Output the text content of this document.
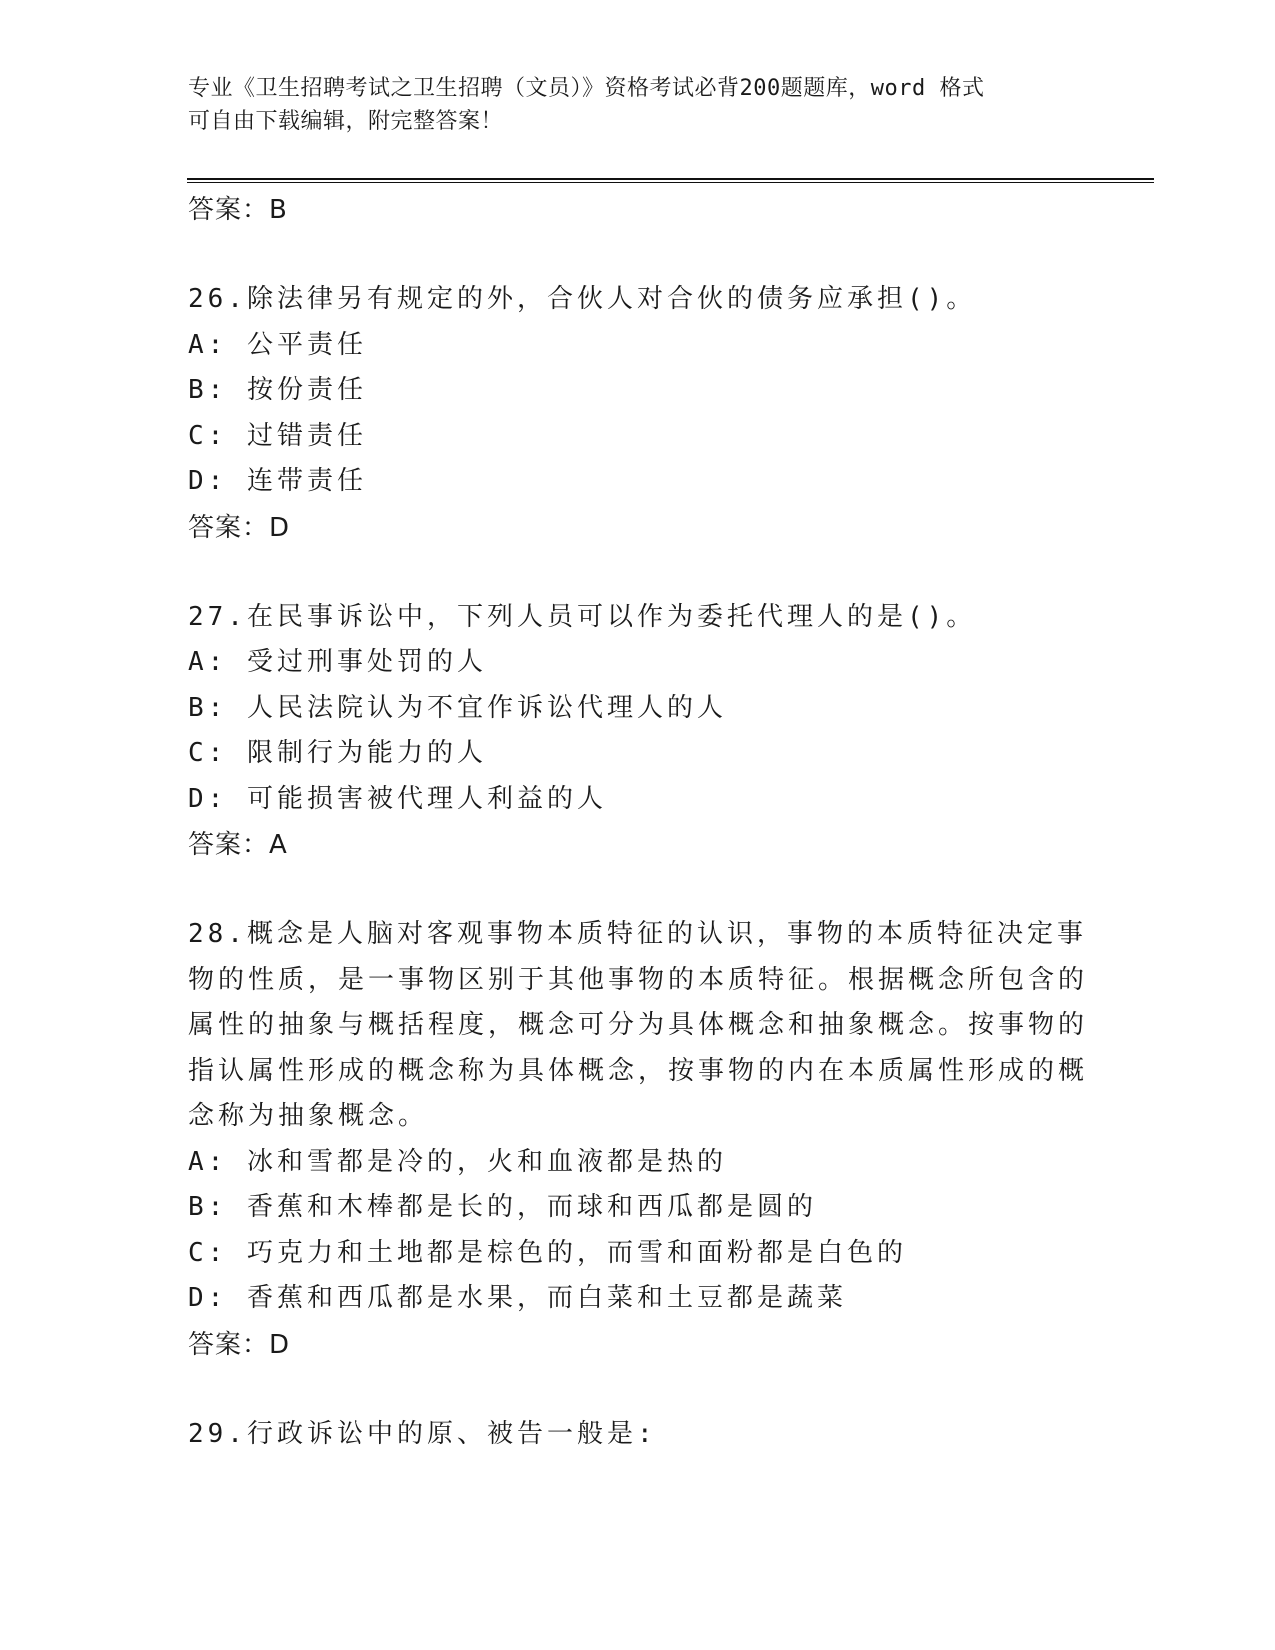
专业《卫生招聘考试之卫生招聘（文员）》资格考试必背200题题库，word 格式
可自由下载编辑，附完整答案！
答案：B
26.除法律另有规定的外，合伙人对合伙的债务应承担()。
A: 公平责任
B: 按份责任
C: 过错责任
D: 连带责任
答案：D
27.在民事诉讼中，下列人员可以作为委托代理人的是()。
A: 受过刑事处罚的人
B: 人民法院认为不宜作诉讼代理人的人
C: 限制行为能力的人
D: 可能损害被代理人利益的人
答案：A
28.概念是人脑对客观事物本质特征的认识，事物的本质特征决定事物的性质，是一事物区别于其他事物的本质特征。根据概念所包含的属性的抽象与概括程度，概念可分为具体概念和抽象概念。按事物的指认属性形成的概念称为具体概念，按事物的内在本质属性形成的概念称为抽象概念。
A: 冰和雪都是冷的，火和血液都是热的
B: 香蕉和木棒都是长的，而球和西瓜都是圆的
C: 巧克力和土地都是棕色的，而雪和面粉都是白色的
D: 香蕉和西瓜都是水果，而白菜和土豆都是蔬菜
答案：D
29.行政诉讼中的原、被告一般是:
